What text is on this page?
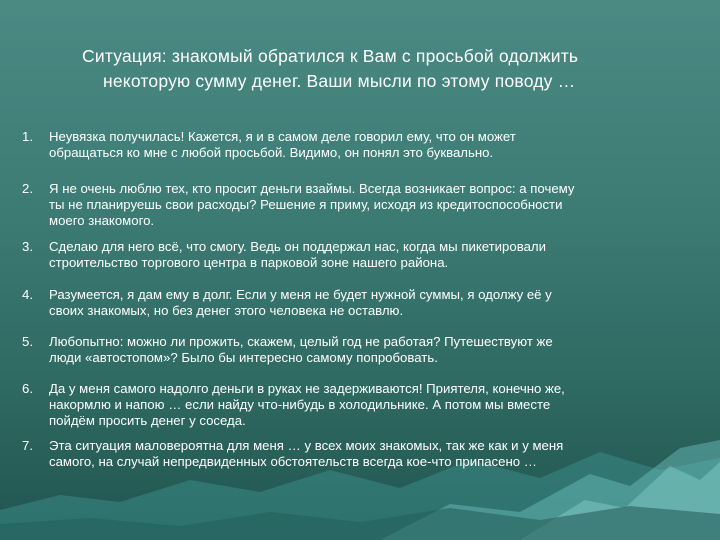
Ситуация: знакомый обратился к Вам с просьбой одолжить
некоторую сумму денег. Ваши мысли по этому поводу …
1.	Неувязка получилась! Кажется, я и в самом деле говорил ему, что он может
обращаться ко мне с любой просьбой. Видимо, он понял это буквально.
2.	Я не очень люблю тех, кто просит деньги взаймы. Всегда возникает вопрос: а почему
ты не планируешь свои расходы? Решение я приму, исходя из кредитоспособности
моего знакомого.
3.	Сделаю для него всё, что смогу. Ведь он поддержал нас, когда мы пикетировали
строительство торгового центра в парковой зоне нашего района.
4.	Разумеется, я дам ему в долг. Если у меня не будет нужной суммы, я одолжу её у
своих знакомых, но без денег этого человека не оставлю.
5.	Любопытно: можно ли прожить, скажем, целый год не работая? Путешествуют же
люди «автостопом»? Было бы интересно самому попробовать.
6.	Да у меня самого надолго деньги в руках не задерживаются! Приятеля, конечно же,
накормлю и напою … если найду что-нибудь в холодильнике. А потом мы вместе
пойдём просить денег у соседа.
7.	Эта ситуация маловероятна для меня … у всех моих знакомых, так же как и у меня
самого, на случай непредвиденных обстоятельств всегда кое-что припасено …
